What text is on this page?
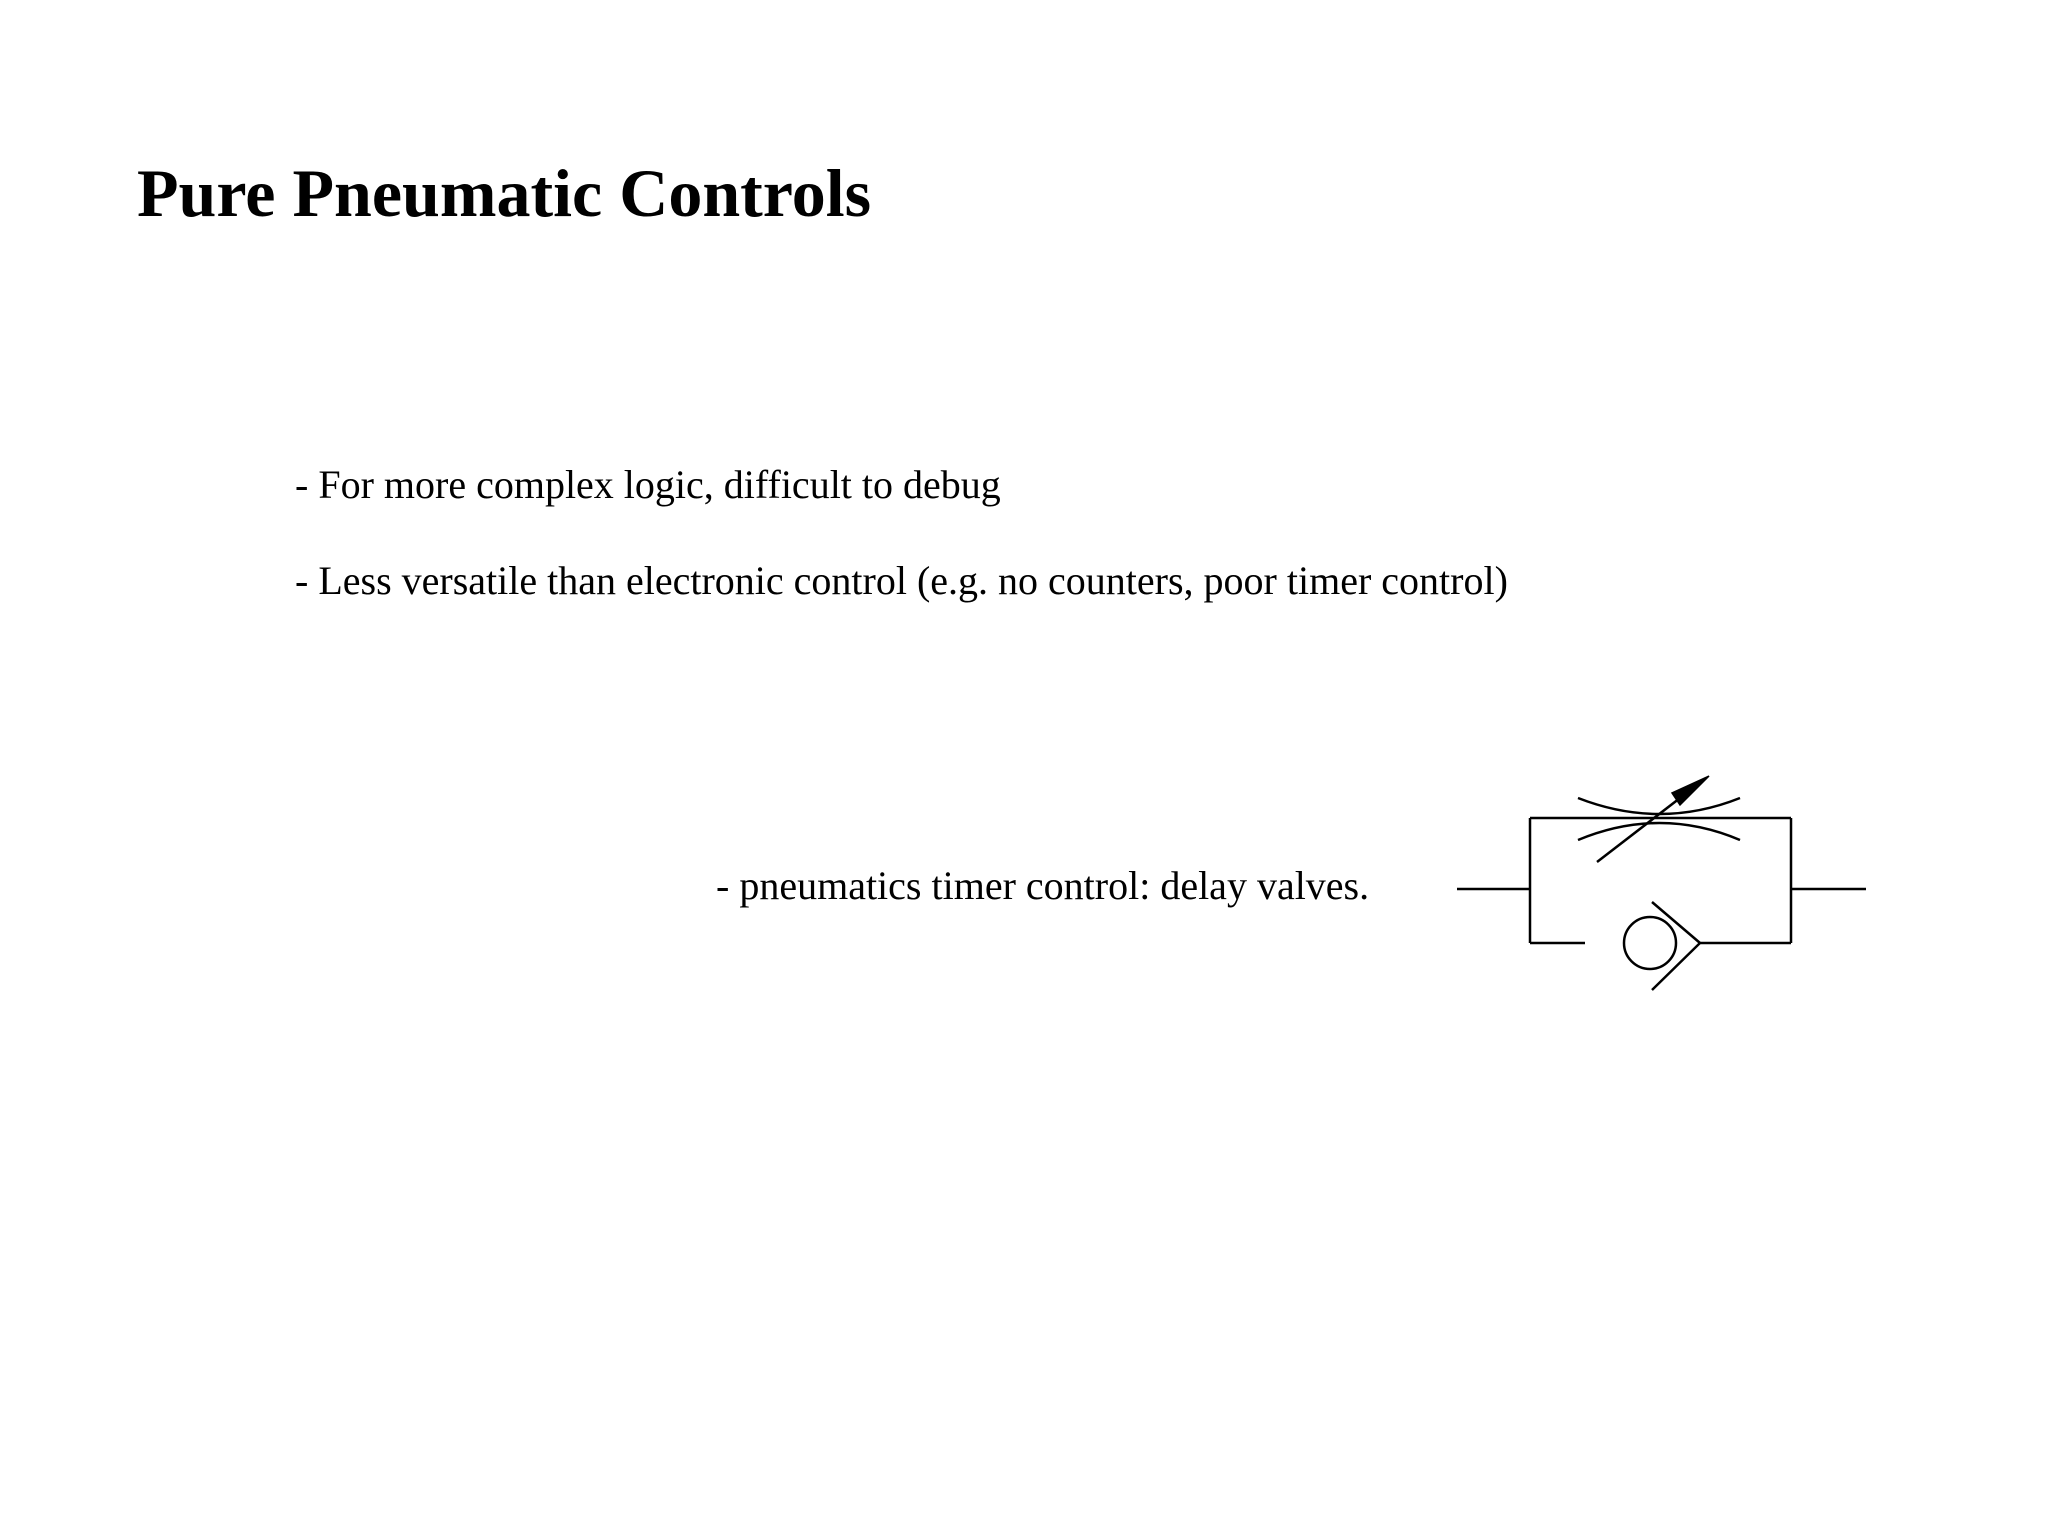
Pure Pneumatic Controls

- For more complex logic, difficult to debug

- Less versatile than electronic control (e.g. no counters, poor timer control)

- pneumatics timer control: delay valves.
